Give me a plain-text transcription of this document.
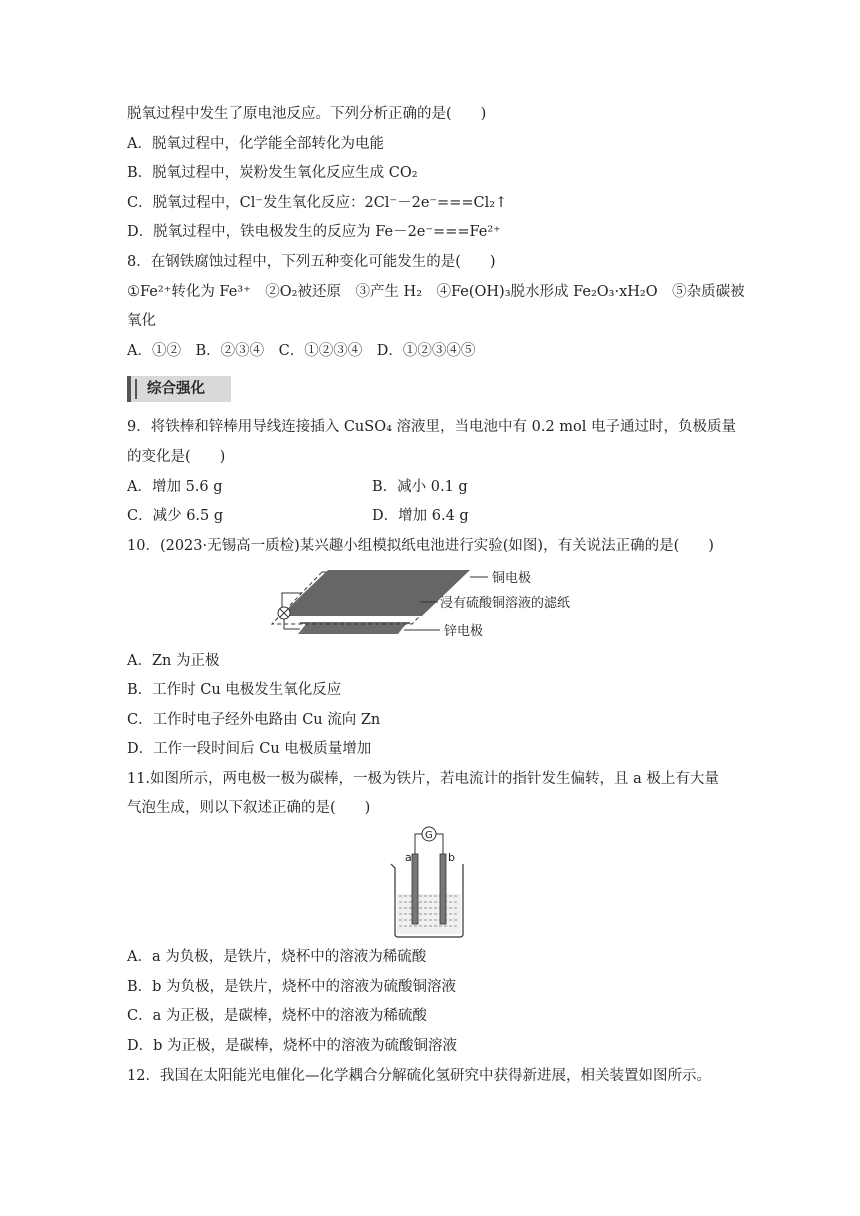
脱氧过程中发生了原电池反应。下列分析正确的是(　　)
A．脱氧过程中，化学能全部转化为电能
B．脱氧过程中，炭粉发生氧化反应生成 CO₂
C．脱氧过程中，Cl⁻发生氧化反应：2Cl⁻－2e⁻===Cl₂↑
D．脱氧过程中，铁电极发生的反应为 Fe－2e⁻===Fe²⁺
8．在钢铁腐蚀过程中，下列五种变化可能发生的是(　　)
①Fe²⁺转化为 Fe³⁺　②O₂被还原　③产生 H₂　④Fe(OH)₃脱水形成 Fe₂O₃·xH₂O　⑤杂质碳被
氧化
A．①②　B．②③④　C．①②③④　D．①②③④⑤
综合强化
9．将铁棒和锌棒用导线连接插入 CuSO₄ 溶液里，当电池中有 0.2 mol 电子通过时，负极质量
的变化是(　　)
A．增加 5.6 g	B．减小 0.1 g
C．减少 6.5 g	D．增加 6.4 g
10．(2023·无锡高一质检)某兴趣小组模拟纸电池进行实验(如图)，有关说法正确的是(　　)
铜电极
浸有硫酸铜溶液的滤纸
锌电极
A．Zn 为正极
B．工作时 Cu 电极发生氧化反应
C．工作时电子经外电路由 Cu 流向 Zn
D．工作一段时间后 Cu 电极质量增加
11.如图所示，两电极一极为碳棒，一极为铁片，若电流计的指针发生偏转，且 a 极上有大量
气泡生成，则以下叙述正确的是(　　)
G
a	b
A．a 为负极，是铁片，烧杯中的溶液为稀硫酸
B．b 为负极，是铁片，烧杯中的溶液为硫酸铜溶液
C．a 为正极，是碳棒，烧杯中的溶液为稀硫酸
D．b 为正极，是碳棒，烧杯中的溶液为硫酸铜溶液
12．我国在太阳能光电催化—化学耦合分解硫化氢研究中获得新进展，相关装置如图所示。
